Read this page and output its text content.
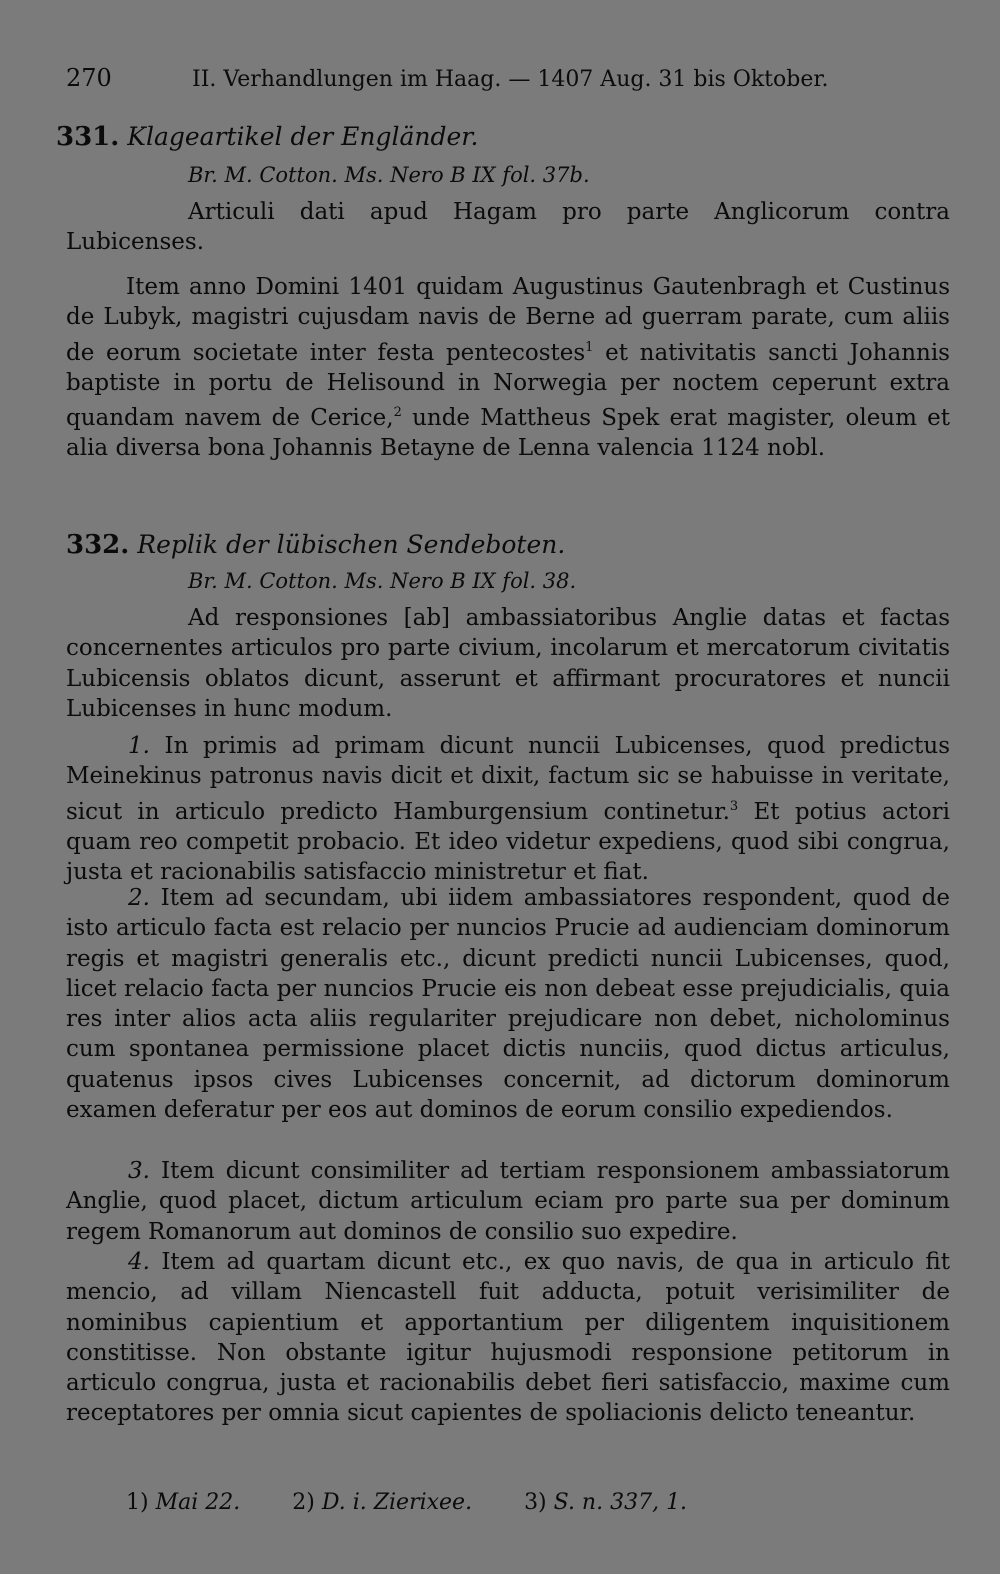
270	II. Verhandlungen im Haag. — 1407 Aug. 31 bis Oktober.
331. Klageartikel der Engländer.
Br. M. Cotton. Ms. Nero B IX fol. 37b.
Articuli dati apud Hagam pro parte Anglicorum contra Lubicenses.
Item anno Domini 1401 quidam Augustinus Gautenbragh et Custinus de Lubyk, magistri cujusdam navis de Berne ad guerram parate, cum aliis de eorum societate inter festa pentecostes$^1$ et nativitatis sancti Johannis baptiste in portu de Helisound in Norwegia per noctem ceperunt extra quandam navem de Cerice,$^2$ unde Mattheus Spek erat magister, oleum et alia diversa bona Johannis Betayne de Lenna valencia 1124 nobl.
332. Replik der lübischen Sendeboten.
Br. M. Cotton. Ms. Nero B IX fol. 38.
Ad responsiones [ab] ambassiatoribus Anglie datas et factas concernentes articulos pro parte civium, incolarum et mercatorum civitatis Lubicensis oblatos dicunt, asserunt et affirmant procuratores et nuncii Lubicenses in hunc modum.
1. In primis ad primam dicunt nuncii Lubicenses, quod predictus Meinekinus patronus navis dicit et dixit, factum sic se habuisse in veritate, sicut in articulo predicto Hamburgensium continetur.$^3$ Et potius actori quam reo competit probacio. Et ideo videtur expediens, quod sibi congrua, justa et racionabilis satisfaccio ministretur et fiat.
2. Item ad secundam, ubi iidem ambassiatores respondent, quod de isto articulo facta est relacio per nuncios Prucie ad audienciam dominorum regis et magistri generalis etc., dicunt predicti nuncii Lubicenses, quod, licet relacio facta per nuncios Prucie eis non debeat esse prejudicialis, quia res inter alios acta aliis regulariter prejudicare non debet, nicholominus cum spontanea permissione placet dictis nunciis, quod dictus articulus, quatenus ipsos cives Lubicenses concernit, ad dictorum dominorum examen deferatur per eos aut dominos de eorum consilio expediendos.
3. Item dicunt consimiliter ad tertiam responsionem ambassiatorum Anglie, quod placet, dictum articulum eciam pro parte sua per dominum regem Romanorum aut dominos de consilio suo expedire.
4. Item ad quartam dicunt etc., ex quo navis, de qua in articulo fit mencio, ad villam Niencastell fuit adducta, potuit verisimiliter de nominibus capientium et apportantium per diligentem inquisitionem constitisse. Non obstante igitur hujusmodi responsione petitorum in articulo congrua, justa et racionabilis debet fieri satisfaccio, maxime cum receptatores per omnia sicut capientes de spoliacionis delicto teneantur.
1) Mai 22. 2) D. i. Zierixee. 3) S. n. 337, 1.
